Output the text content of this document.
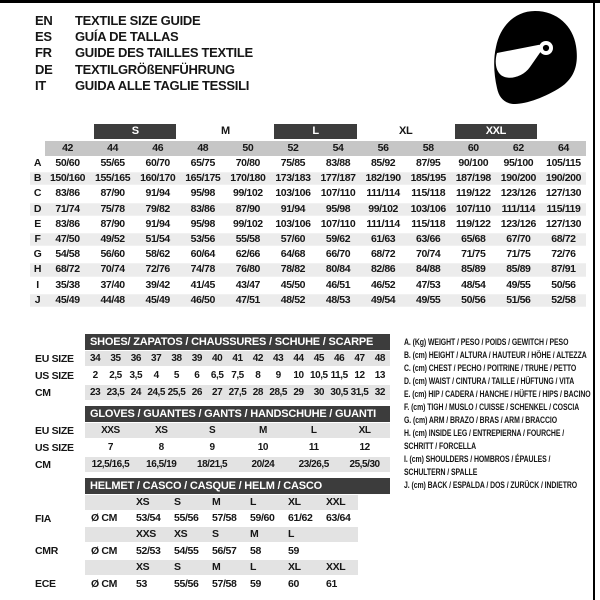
EN	TEXTILE SIZE GUIDE
ES	GUÍA DE TALLAS
FR	GUIDE DES TAILLES TEXTILE
DE	TEXTILGRÖßENFÜHRUNG
IT	GUIDA ALLE TAGLIE TESSILI
S	M	L	XL	XXL
42	44	46	48	50	52	54	56	58	60	62	64
A	50/60	55/65	60/70	65/75	70/80	75/85	83/88	85/92	87/95	90/100	95/100	105/115
B 150/160 155/165 160/170 165/175 170/180 173/183 177/187 182/190 185/195 187/198 190/200 190/200
C	83/86	87/90	91/94	95/98	99/102	103/106 107/110	111/114	115/118	119/122 123/126 127/130
D	71/74	75/78	79/82	83/86	87/90	91/94	95/98	99/102	103/106 107/110	111/114	115/119
E	83/86	87/90	91/94	95/98	99/102	103/106 107/110	111/114	115/118	119/122 123/126 127/130
F	47/50	49/52	51/54	53/56	55/58	57/60	59/62	61/63	63/66	65/68	67/70	68/72
G	54/58	56/60	58/62	60/64	62/66	64/68	66/70	68/72	70/74	71/75	71/75	72/76
H	68/72	70/74	72/76	74/78	76/80	78/82	80/84	82/86	84/88	85/89	85/89	87/91
I	35/38	37/40	39/42	41/45	43/47	45/50	46/51	46/52	47/53	48/54	49/55	50/56
J	45/49	44/48	45/49	46/50	47/51	48/52	48/53	49/54	49/55	50/56	51/56	52/58
SHOES/ ZAPATOS / CHAUSSURES / SCHUHE / SCARPE
EU SIZE	34	35	36	37	38	39	40	41	42	43	44	45	46	47	48
US SIZE	2	2,5 3,5	4	5	6	6,5 7,5	8	9	10 10,5 11,5 12	13
CM	23 23,5 24 24,5 25,5 26	27 27,5 28 28,5 29	30 30,5 31,5 32
GLOVES / GUANTES / GANTS / HANDSCHUHE / GUANTI
EU SIZE	XXS	XS	S	M	L	XL
US SIZE	7	8	9	10	11	12
CM	12,5/16,5	16,5/19	18/21,5	20/24	23/26,5	25,5/30
HELMET / CASCO / CASQUE / HELM / CASCO
XS	S	M	L	XL	XXL
FIA	Ø CM	53/54	55/56	57/58	59/60	61/62	63/64
XXS	XS	S	M	L
CMR	Ø CM	52/53	54/55	56/57	58	59
XS	S	M	L	XL	XXL
ECE	Ø CM	53	55/56	57/58	59	60	61
A. (Kg) WEIGHT / PESO / POIDS / GEWITCH / PESO
B. (cm) HEIGHT / ALTURA / HAUTEUR / HÖHE / ALTEZZA
C. (cm) CHEST / PECHO / POITRINE / TRUHE / PETTO
D. (cm) WAIST / CINTURA / TAILLE / HÜFTUNG / VITA
E. (cm) HIP / CADERA / HANCHE / HÜFTE / HIPS / BACINO
F. (cm) TIGH / MUSLO / CUISSE / SCHENKEL / COSCIA
G. (cm) ARM / BRAZO / BRAS / ARM / BRACCIO
H. (cm) INSIDE LEG / ENTREPIERNA / FOURCHE / SCHRITT / FORCELLA
I. (cm) SHOULDERS / HOMBROS / ÉPAULES / SCHULTERN / SPALLE
J. (cm) BACK / ESPALDA / DOS / ZURÜCK / INDIETRO
